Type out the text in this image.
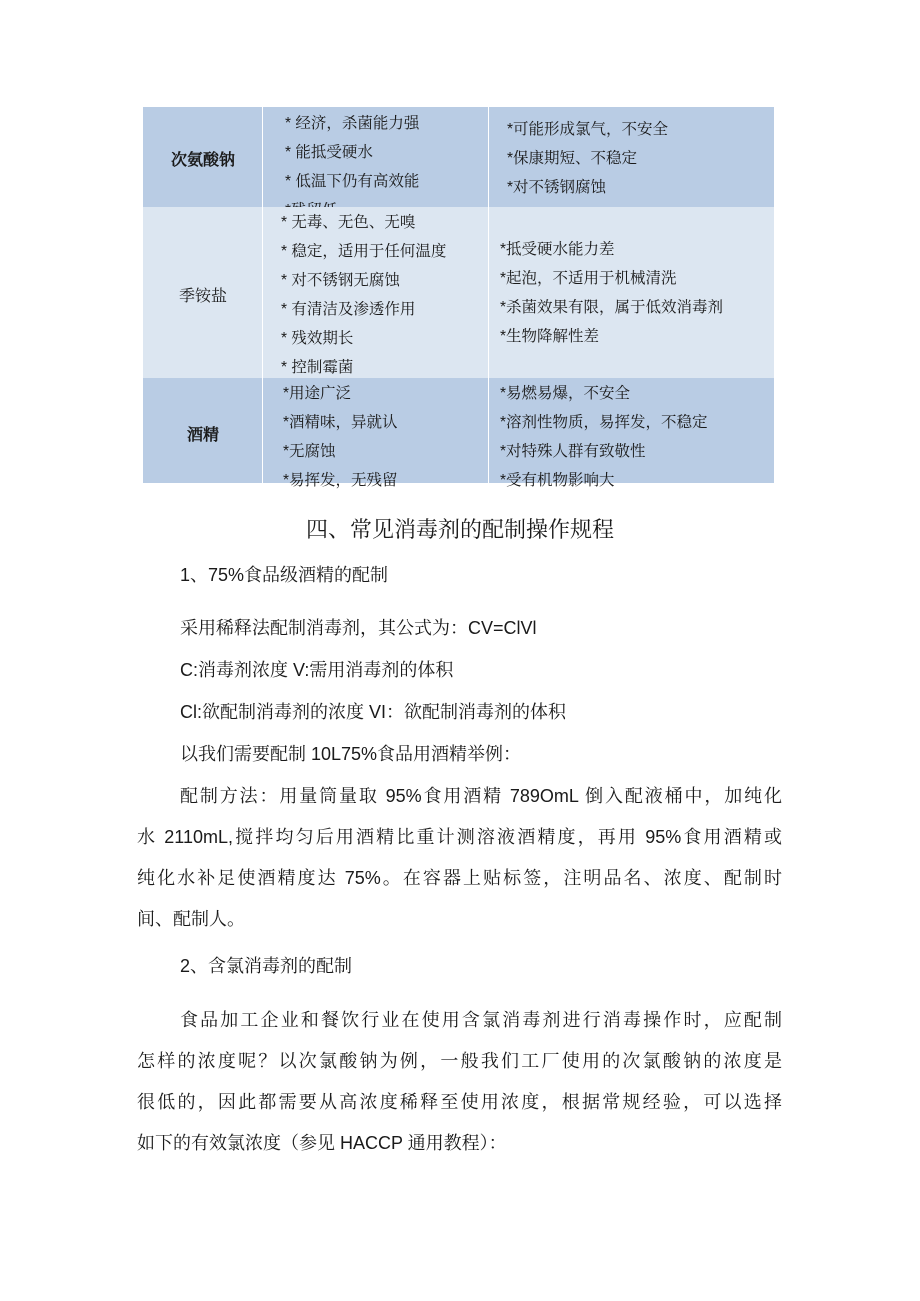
次氨酸钠
* 经济，杀菌能力强
* 能抵受硬水
* 低温下仍有高效能
*可能形成氯气，不安全
*保康期短、不稳定
*对不锈钢腐蚀
季铵盐
* 无毒、无色、无嗅
* 稳定，适用于任何温度
* 对不锈钢无腐蚀
* 有清洁及渗透作用
* 残效期长
* 控制霉菌
*抵受硬水能力差
*起泡，不适用于机械清洗
*杀菌效果有限，属于低效消毒剂
*生物降解性差
酒精
*用途广泛
*酒精味，异就认
*无腐蚀
*易挥发，无残留
*易燃易爆，不安全
*溶剂性物质，易挥发，不稳定
*对特殊人群有致敬性
*受有机物影响大
四、常见消毒剂的配制操作规程
1、75%食品级酒精的配制
采用稀释法配制消毒剂，其公式为：CV=ClVl
C:消毒剂浓度 V:需用消毒剂的体积
Cl:欲配制消毒剂的浓度 VI：欲配制消毒剂的体积
以我们需要配制 10L75%食品用酒精举例：
配制方法：用量筒量取 95%食用酒精 789OmL 倒入配液桶中，加纯化
水 2110mL,搅拌均匀后用酒精比重计测溶液酒精度，再用 95%食用酒精或
纯化水补足使酒精度达 75%。在容器上贴标签，注明品名、浓度、配制时
间、配制人。
2、含氯消毒剂的配制
食品加工企业和餐饮行业在使用含氯消毒剂进行消毒操作时，应配制
怎样的浓度呢？以次氯酸钠为例，一般我们工厂使用的次氯酸钠的浓度是
很低的，因此都需要从高浓度稀释至使用浓度，根据常规经验，可以选择
如下的有效氯浓度（参见 HACCP 通用教程）：
